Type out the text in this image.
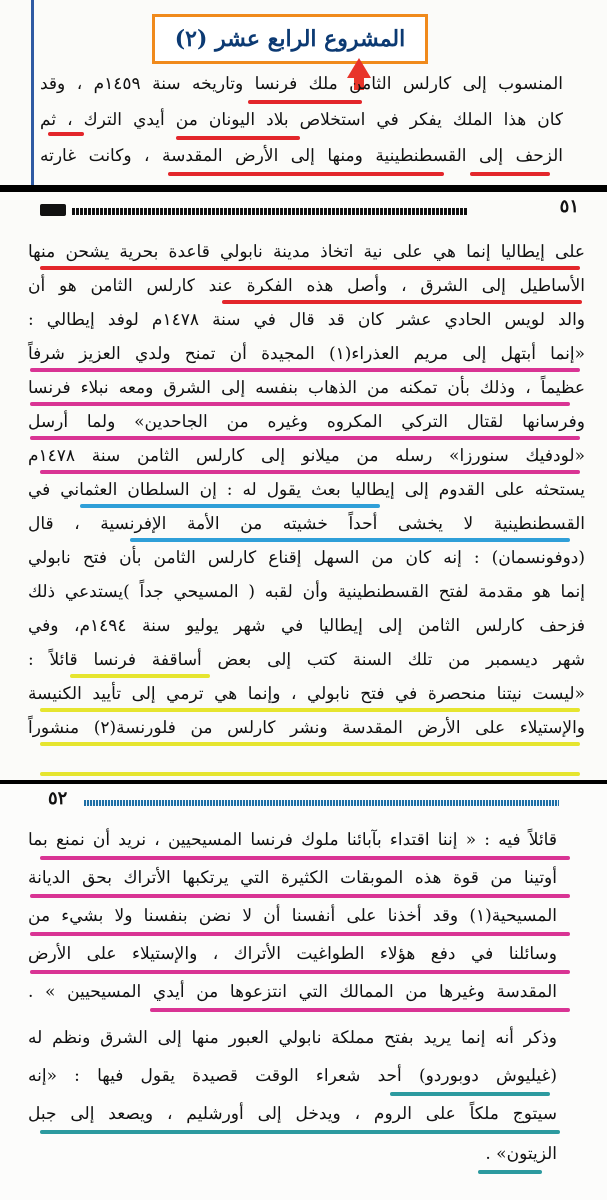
المشروع الرابع عشر (٢)
المنسوب إلى كارلس الثامن ملك فرنسا وتاريخه سنة ١٤٥٩م ، وقد
كان هذا الملك يفكر في استخلاص بلاد اليونان من أيدي الترك ، ثم
الزحف إلى القسطنطينية ومنها إلى الأرض المقدسة ، وكانت غارته
٥١
على إيطاليا إنما هي على نية اتخاذ مدينة نابولي قاعدة بحرية يشحن منها
الأساطيل إلى الشرق ، وأصل هذه الفكرة عند كارلس الثامن هو أن
والد لويس الحادي عشر كان قد قال في سنة ١٤٧٨م لوفد إيطالي :
«إنما أبتهل إلى مريم العذراء(١) المجيدة أن تمنح ولدي العزيز شرفاً
عظيماً ، وذلك بأن تمكنه من الذهاب بنفسه إلى الشرق ومعه نبلاء فرنسا
وفرسانها لقتال التركي المكروه وغيره من الجاحدين» ولما أرسل
«لودفيك سنورزا» رسله من ميلانو إلى كارلس الثامن سنة ١٤٧٨م
يستحثه على القدوم إلى إيطاليا بعث يقول له : إن السلطان العثماني في
القسطنطينية لا يخشى أحداً خشيته من الأمة الإفرنسية ، قال
(دوفونسمان) : إنه كان من السهل إقناع كارلس الثامن بأن فتح نابولي
إنما هو مقدمة لفتح القسطنطينية وأن لقبه ( المسيحي جداً )يستدعي ذلك
فزحف كارلس الثامن إلى إيطاليا في شهر يوليو سنة ١٤٩٤م، وفي
شهر ديسمبر من تلك السنة كتب إلى بعض أساقفة فرنسا قائلاً :
«ليست نيتنا منحصرة في فتح نابولي ، وإنما هي ترمي إلى تأييد الكنيسة
والإستيلاء على الأرض المقدسة ونشر كارلس من فلورنسة(٢) منشوراً
٥٢
قائلاً فيه : « إننا اقتداء بآبائنا ملوك فرنسا المسيحيين ، نريد أن نمنع بما
أوتينا من قوة هذه الموبقات الكثيرة التي يرتكبها الأتراك بحق الديانة
المسيحية(١) وقد أخذنا على أنفسنا أن لا نضن بنفسنا ولا بشيء من
وسائلنا في دفع هؤلاء الطواغيت الأتراك ، والإستيلاء على الأرض
المقدسة وغيرها من الممالك التي انتزعوها من أيدي المسيحيين » .
وذكر أنه إنما يريد بفتح مملكة نابولي العبور منها إلى الشرق ونظم له
(غيليوش دوبوردو) أحد شعراء الوقت قصيدة يقول فيها : «إنه
سيتوج ملكاً على الروم ، ويدخل إلى أورشليم ، ويصعد إلى جبل
الزيتون» .
